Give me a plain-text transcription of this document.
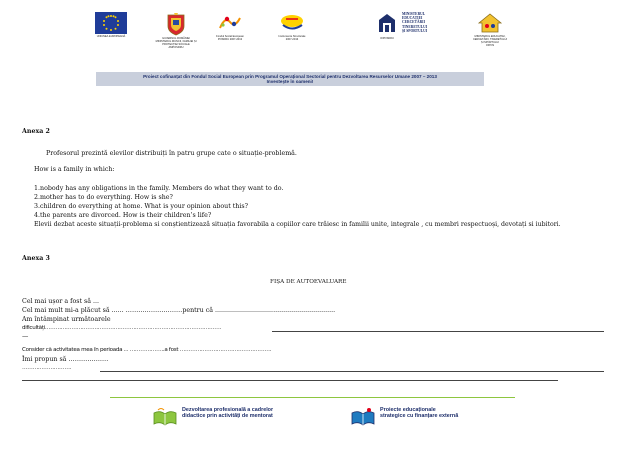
UNIUNEA EUROPEANĂ
GUVERNUL ROMÂNIEI
MINISTERUL MUNCII, FAMILIEI ȘI
PROTECȚIEI SOCIALE
AMPOSDRU
Fondul Social European
POSDRU 2007-2013
Instrumente Structurale
2007-2013	OIPOSDRU
MINISTERUL
EDUCAȚIEI
CERCETĂRII
TINERETULUI
ȘI SPORTULUI
MINISTERUL EDUCAȚIEI,
CERCETĂRII, TINERETULUI
ȘI SPORTULUI
OIPOS
Proiect cofinanțat din Fondul Social European prin Programul Operațional Sectorial pentru Dezvoltarea Resurselor Umane 2007 – 2013
Investește în oameni!
Anexa 2
Profesorul prezintă elevilor distribuiți în patru grupe cate o situație-problemă.
How is a family in which:
1.nobody has any obligations in the family. Members do what they want to do.
2.mother has to do everything. How is she?
3.children do everything at home. What is your opinion about this?
4.the parents are divorced. How is their children’s life?
Elevii dezbat aceste situații-problema si conștientizează situația favorabila a copiilor care trăiesc in familii unite, integrale , cu membri respectuoși, devotați si iubitori.
Anexa 3
FIȘA DE AUTOEVALUARE
Cel mai ușor a fost să ...
Cel mai mult mi-a plăcut să ...... ………………………pentru că ............................................................
Am întâmpinat următoarele
dificultăți……………………………………………………………………………………….
—
Consider că activitatea mea în perioada ... ………………..a fost …………………………………………….
Îmi propun să ……………….
……………………….
Dezvoltarea profesională a cadrelor
didactice prin activități de mentorat
Proiecte educaționale
strategice cu finanțare externă
